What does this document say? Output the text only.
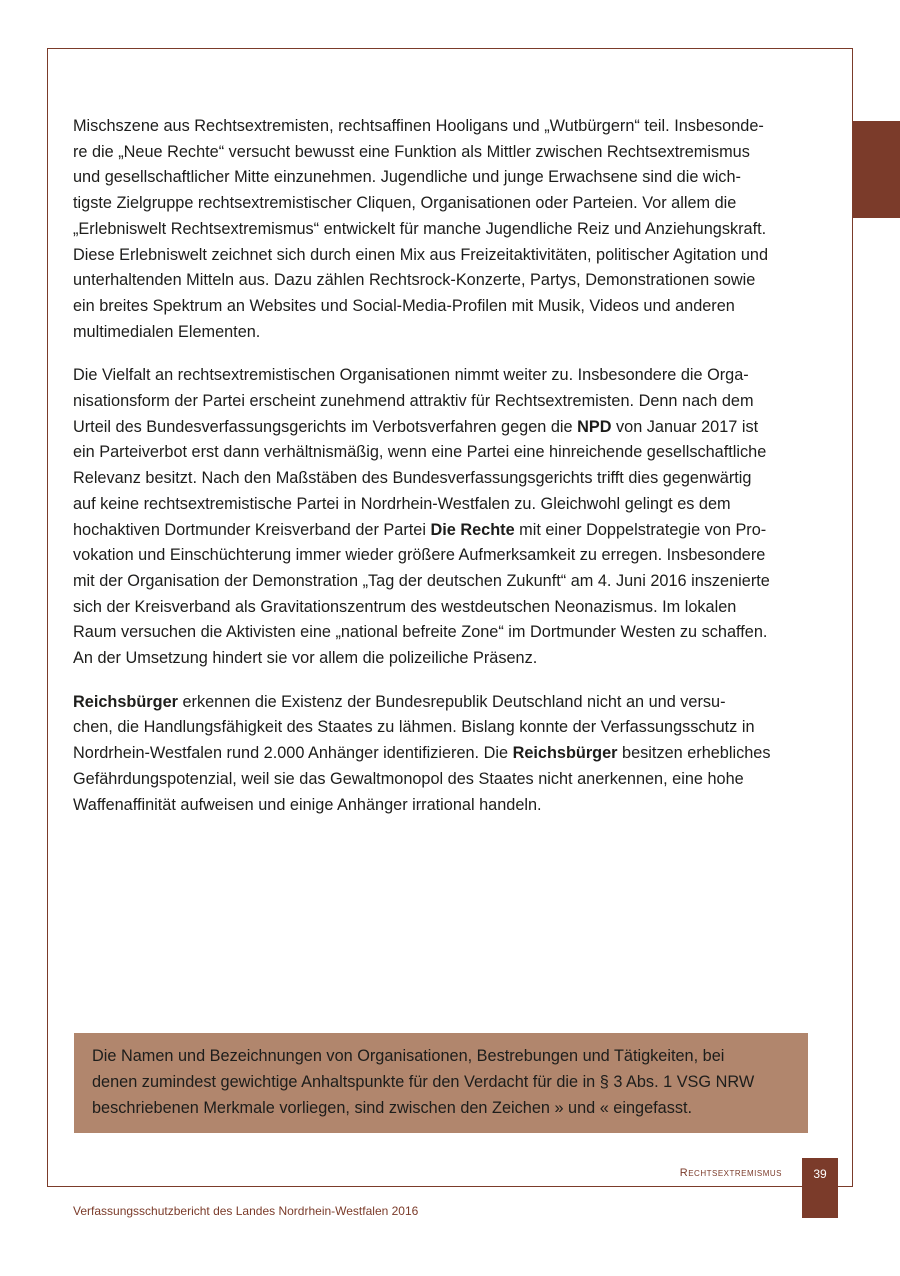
Mischszene aus Rechtsextremisten, rechtsaffinen Hooligans und „Wutbürgern“ teil. Insbesonde-
re die „Neue Rechte“ versucht bewusst eine Funktion als Mittler zwischen Rechtsextremismus
und gesellschaftlicher Mitte einzunehmen. Jugendliche und junge Erwachsene sind die wich-
tigste Zielgruppe rechtsextremistischer Cliquen, Organisationen oder Parteien. Vor allem die
„Erlebniswelt Rechtsextremismus“ entwickelt für manche Jugendliche Reiz und Anziehungskraft.
Diese Erlebniswelt zeichnet sich durch einen Mix aus Freizeitaktivitäten, politischer Agitation und
unterhaltenden Mitteln aus. Dazu zählen Rechtsrock-Konzerte, Partys, Demonstrationen sowie
ein breites Spektrum an Websites und Social-Media-Profilen mit Musik, Videos und anderen
multimedialen Elementen.

Die Vielfalt an rechtsextremistischen Organisationen nimmt weiter zu. Insbesondere die Orga-
nisationsform der Partei erscheint zunehmend attraktiv für Rechtsextremisten. Denn nach dem
Urteil des Bundesverfassungsgerichts im Verbotsverfahren gegen die NPD von Januar 2017 ist
ein Parteiverbot erst dann verhältnismäßig, wenn eine Partei eine hinreichende gesellschaftliche
Relevanz besitzt. Nach den Maßstäben des Bundesverfassungsgerichts trifft dies gegenwärtig
auf keine rechtsextremistische Partei in Nordrhein-Westfalen zu. Gleichwohl gelingt es dem
hochaktiven Dortmunder Kreisverband der Partei Die Rechte mit einer Doppelstrategie von Pro-
vokation und Einschüchterung immer wieder größere Aufmerksamkeit zu erregen. Insbesondere
mit der Organisation der Demonstration „Tag der deutschen Zukunft“ am 4. Juni 2016 inszenierte
sich der Kreisverband als Gravitationszentrum des westdeutschen Neonazismus. Im lokalen
Raum versuchen die Aktivisten eine „national befreite Zone“ im Dortmunder Westen zu schaffen.
An der Umsetzung hindert sie vor allem die polizeiliche Präsenz.

Reichsbürger erkennen die Existenz der Bundesrepublik Deutschland nicht an und versu-
chen, die Handlungsfähigkeit des Staates zu lähmen. Bislang konnte der Verfassungsschutz in
Nordrhein-Westfalen rund 2.000 Anhänger identifizieren. Die Reichsbürger besitzen erhebliches
Gefährdungspotenzial, weil sie das Gewaltmonopol des Staates nicht anerkennen, eine hohe
Waffenaffinität aufweisen und einige Anhänger irrational handeln.

Die Namen und Bezeichnungen von Organisationen, Bestrebungen und Tätigkeiten, bei
denen zumindest gewichtige Anhaltspunkte für den Verdacht für die in § 3 Abs. 1 VSG NRW
beschriebenen Merkmale vorliegen, sind zwischen den Zeichen » und « eingefasst.
Rechtsextremismus	39
Verfassungsschutzbericht des Landes Nordrhein-Westfalen 2016
